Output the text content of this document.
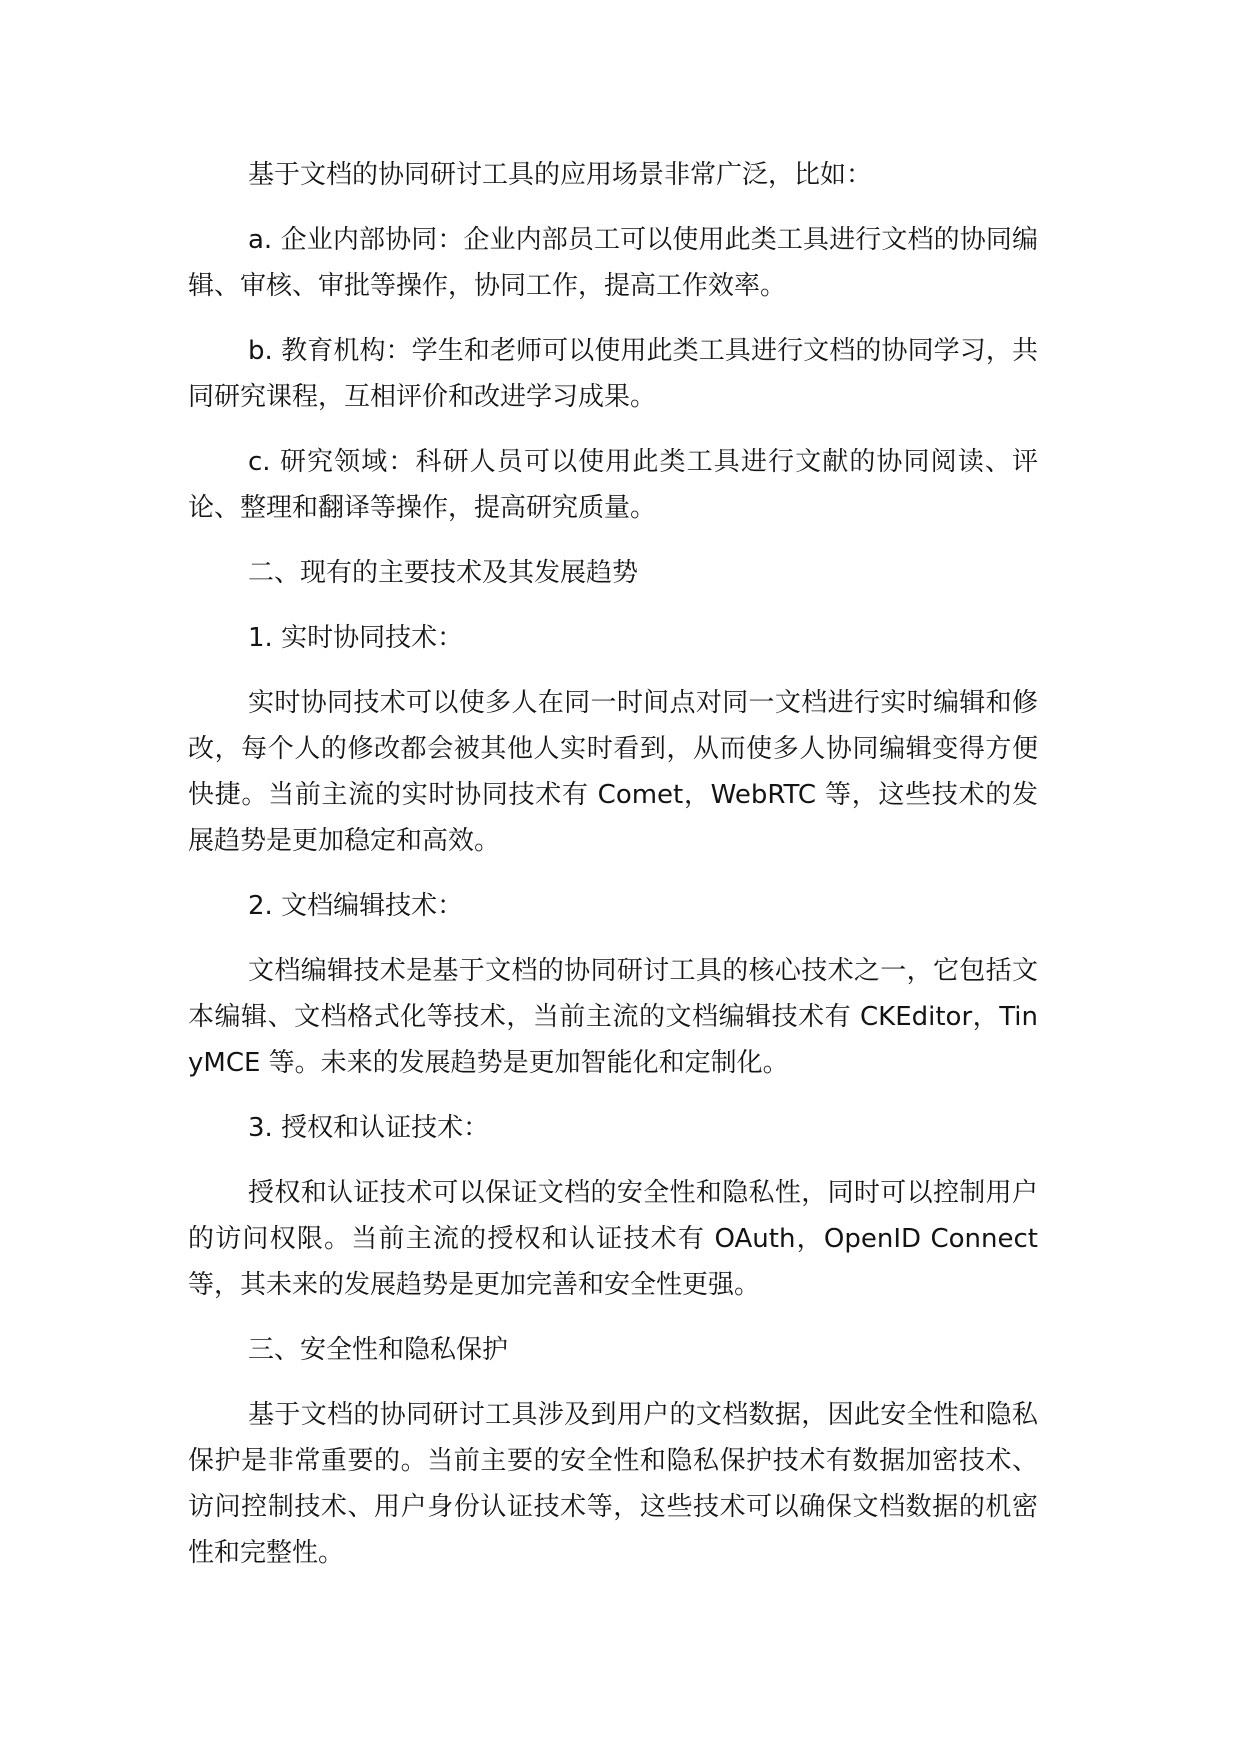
基于文档的协同研讨工具的应用场景非常广泛，比如：

a. 企业内部协同：企业内部员工可以使用此类工具进行文档的协同编辑、审核、审批等操作，协同工作，提高工作效率。

b. 教育机构：学生和老师可以使用此类工具进行文档的协同学习，共同研究课程，互相评价和改进学习成果。

c. 研究领域：科研人员可以使用此类工具进行文献的协同阅读、评论、整理和翻译等操作，提高研究质量。

二、现有的主要技术及其发展趋势

1. 实时协同技术：

实时协同技术可以使多人在同一时间点对同一文档进行实时编辑和修改，每个人的修改都会被其他人实时看到，从而使多人协同编辑变得方便快捷。当前主流的实时协同技术有 Comet，WebRTC 等，这些技术的发展趋势是更加稳定和高效。

2. 文档编辑技术：

文档编辑技术是基于文档的协同研讨工具的核心技术之一，它包括文本编辑、文档格式化等技术，当前主流的文档编辑技术有 CKEditor，TinyMCE 等。未来的发展趋势是更加智能化和定制化。

3. 授权和认证技术：

授权和认证技术可以保证文档的安全性和隐私性，同时可以控制用户的访问权限。当前主流的授权和认证技术有 OAuth，OpenID Connect 等，其未来的发展趋势是更加完善和安全性更强。

三、安全性和隐私保护

基于文档的协同研讨工具涉及到用户的文档数据，因此安全性和隐私保护是非常重要的。当前主要的安全性和隐私保护技术有数据加密技术、访问控制技术、用户身份认证技术等，这些技术可以确保文档数据的机密性和完整性。
